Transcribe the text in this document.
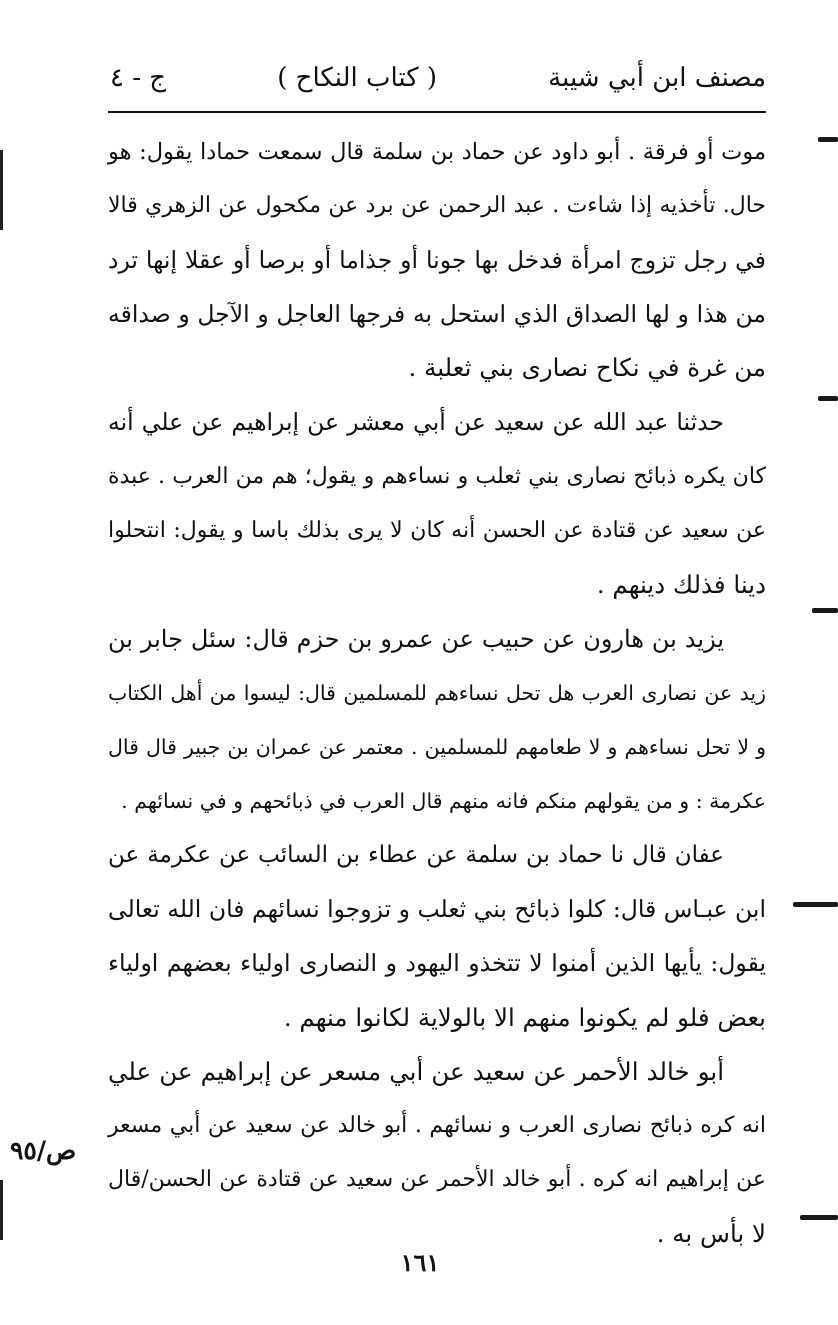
مصنف ابن أبي شيبة
( كتاب النكاح )
ج - ٤
موت أو فرقة . أبو داود عن حماد بن سلمة قال سمعت حمادا يقول: هو
حال. تأخذيه إذا شاءت . عبد الرحمن عن برد عن مكحول عن الزهري قالا
في رجل تزوج امرأة فدخل بها جونا أو جذاما أو برصا أو عقلا إنها ترد
من هذا و لها الصداق الذي استحل به فرجها العاجل و الآجل و صداقه
من غرة في نكاح نصارى بني ثعلبة .
حدثنا عبد الله عن سعيد عن أبي معشر عن إبراهيم عن علي أنه
كان يكره ذبائح نصارى بني ثعلب و نساءهم و يقول؛ هم من العرب . عبدة
عن سعيد عن قتادة عن الحسن أنه كان لا يرى بذلك باسا و يقول: انتحلوا
دينا فذلك دينهم .
يزيد بن هارون عن حبيب عن عمرو بن حزم قال: سئل جابر بن
زيد عن نصارى العرب هل تحل نساءهم للمسلمين قال: ليسوا من أهل الكتاب
و لا تحل نساءهم و لا طعامهم للمسلمين . معتمر عن عمران بن جبير قال قال
عكرمة : و من يقولهم منكم فانه منهم قال العرب في ذبائحهم و في نسائهم .
عفان قال نا حماد بن سلمة عن عطاء بن السائب عن عكرمة عن
ابن عبـاس قال: كلوا ذبائح بني ثعلب و تزوجوا نسائهم فان الله تعالى
يقول: يأيها الذين أمنوا لا تتخذو اليهود و النصارى اولياء بعضهم اولياء
بعض فلو لم يكونوا منهم الا بالولاية لكانوا منهم .
أبو خالد الأحمر عن سعيد عن أبي مسعر عن إبراهيم عن علي
انه كره ذبائح نصارى العرب و نسائهم . أبو خالد عن سعيد عن أبي مسعر
عن إبراهيم انه كره . أبو خالد الأحمر عن سعيد عن قتادة عن الحسن/قال
لا بأس به .
ص/٩٥
١٦١
